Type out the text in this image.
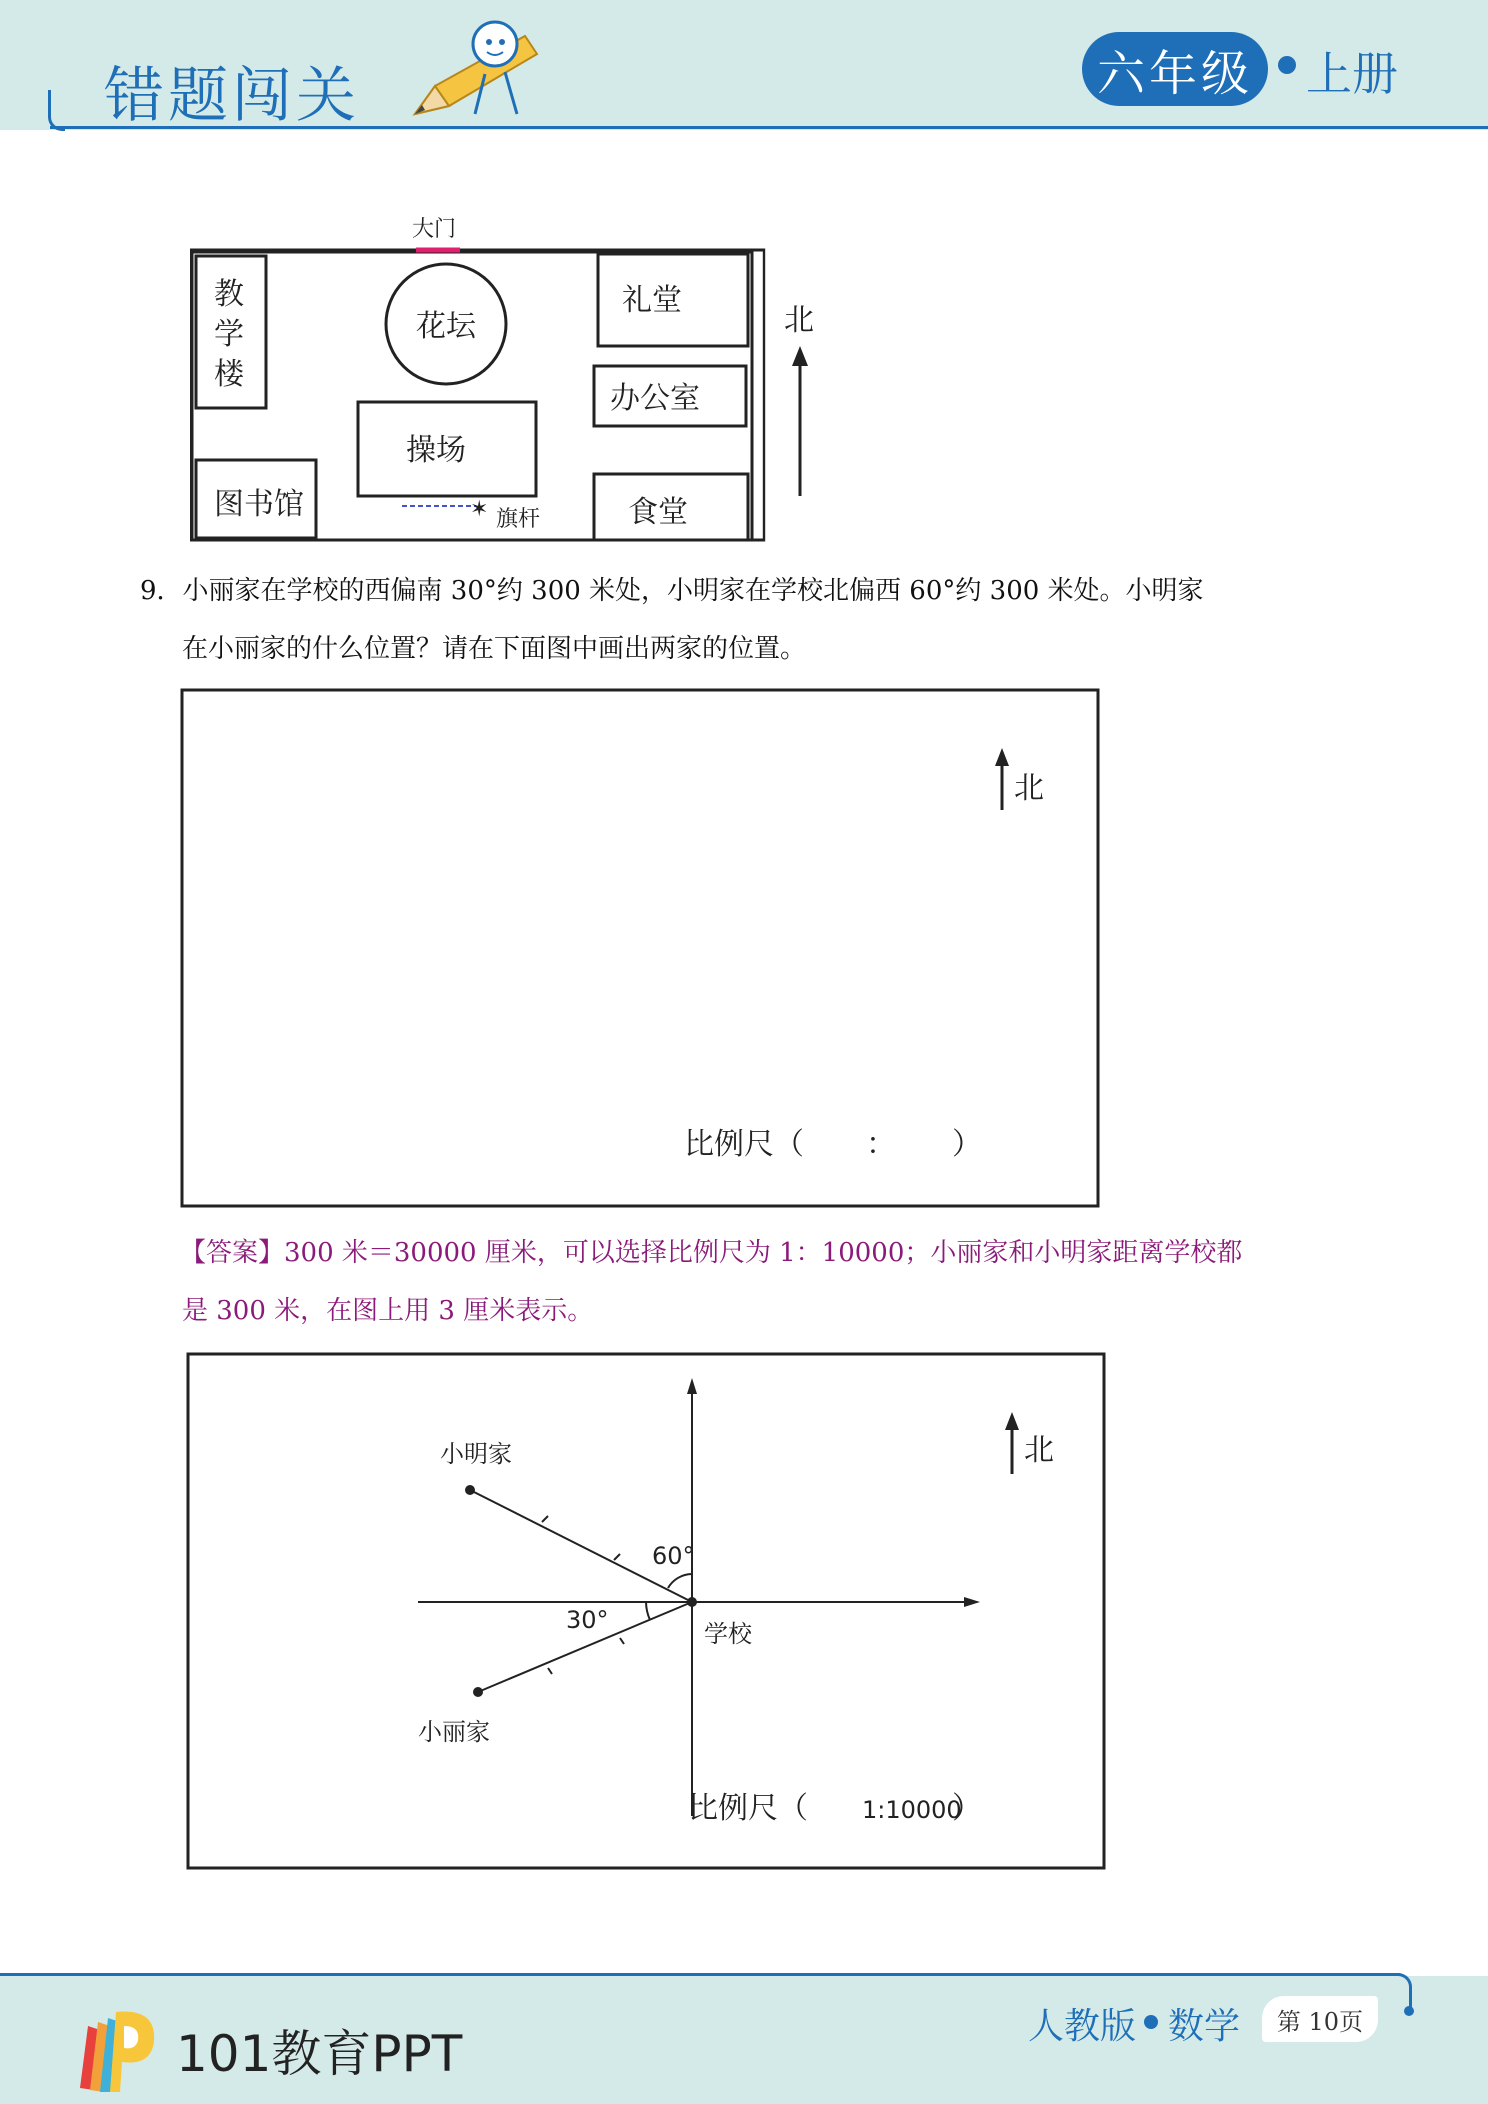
错题闯关	六年级	上册
大门
教
学
楼
花坛
礼堂
办公室
操场
图书馆	✶ 旗杆	食堂
北
9．小丽家在学校的西偏南 30°约 300 米处，小明家在学校北偏西 60°约 300 米处。小明家
在小丽家的什么位置？请在下面图中画出两家的位置。
北
比例尺（ ： ）
【答案】300 米＝30000 厘米，可以选择比例尺为 1：10000；小丽家和小明家距离学校都
是 300 米，在图上用 3 厘米表示。
学校
小明家
小丽家
60°
30°
北
比例尺（ 1:10000
）
101教育PPT	人教版 数学	第 10页
